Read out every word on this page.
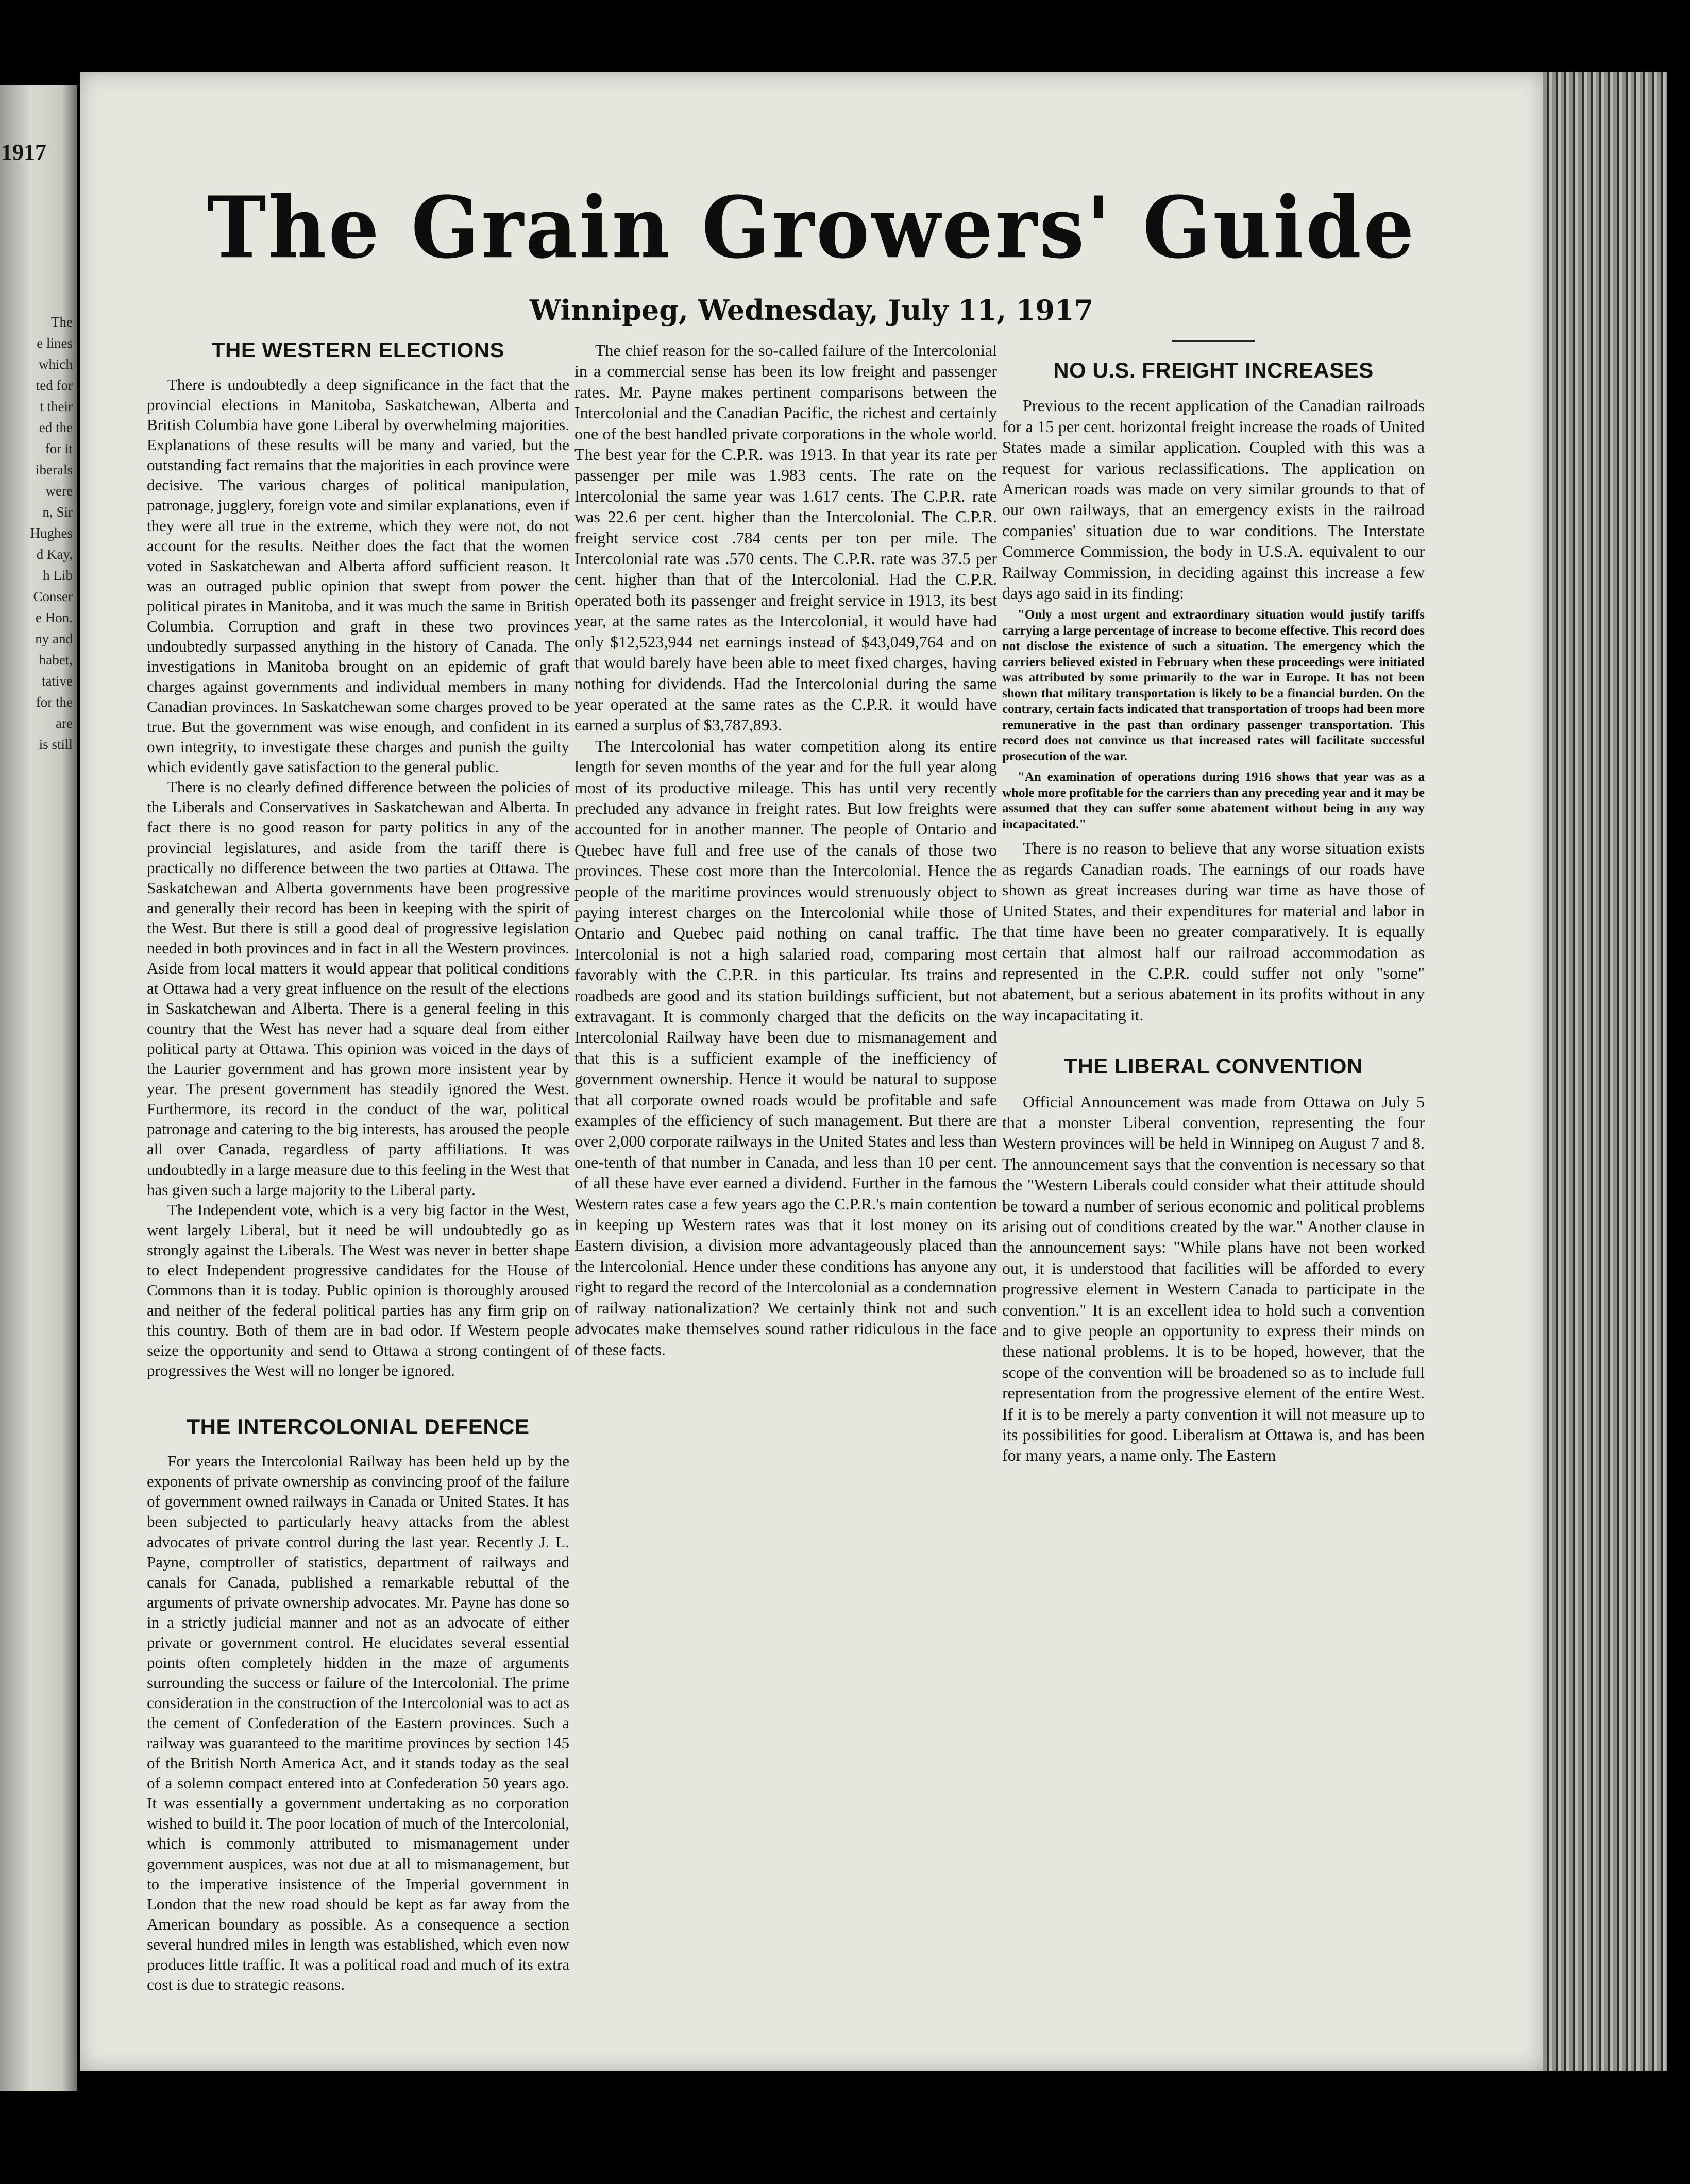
1917
The
e lines
which
ted for
t their
ed the
for it
iberals
were
n, Sir
Hughes
d Kay,
h Lib
Conser
e Hon.
ny and
habet,
tative
for the
are
is still
The Grain Growers' Guide
Winnipeg, Wednesday, July 11, 1917
THE WESTERN ELECTIONS

There is undoubtedly a deep significance in the fact that the provincial elections in Manitoba, Saskatchewan, Alberta and British Columbia have gone Liberal by overwhelming majorities. Explanations of these results will be many and varied, but the outstanding fact remains that the majorities in each province were decisive. The various charges of political manipulation, patronage, jugglery, foreign vote and similar explanations, even if they were all true in the extreme, which they were not, do not account for the results. Neither does the fact that the women voted in Saskatchewan and Alberta afford sufficient reason. It was an outraged public opinion that swept from power the political pirates in Manitoba, and it was much the same in British Columbia. Corruption and graft in these two provinces undoubtedly surpassed anything in the history of Canada. The investigations in Manitoba brought on an epidemic of graft charges against governments and individual members in many Canadian provinces. In Saskatchewan some charges proved to be true. But the government was wise enough, and confident in its own integrity, to investigate these charges and punish the guilty which evidently gave satisfaction to the general public.

There is no clearly defined difference between the policies of the Liberals and Conservatives in Saskatchewan and Alberta. In fact there is no good reason for party politics in any of the provincial legislatures, and aside from the tariff there is practically no difference between the two parties at Ottawa. The Saskatchewan and Alberta governments have been progressive and generally their record has been in keeping with the spirit of the West. But there is still a good deal of progressive legislation needed in both provinces and in fact in all the Western provinces. Aside from local matters it would appear that political conditions at Ottawa had a very great influence on the result of the elections in Saskatchewan and Alberta. There is a general feeling in this country that the West has never had a square deal from either political party at Ottawa. This opinion was voiced in the days of the Laurier government and has grown more insistent year by year. The present government has steadily ignored the West. Furthermore, its record in the conduct of the war, political patronage and catering to the big interests, has aroused the people all over Canada, regardless of party affiliations. It was undoubtedly in a large measure due to this feeling in the West that has given such a large majority to the Liberal party.

The Independent vote, which is a very big factor in the West, went largely Liberal, but it need be will undoubtedly go as strongly against the Liberals. The West was never in better shape to elect Independent progressive candidates for the House of Commons than it is today. Public opinion is thoroughly aroused and neither of the federal political parties has any firm grip on this country. Both of them are in bad odor. If Western people seize the opportunity and send to Ottawa a strong contingent of progressives the West will no longer be ignored.

THE INTERCOLONIAL DEFENCE

For years the Intercolonial Railway has been held up by the exponents of private ownership as convincing proof of the failure of government owned railways in Canada or United States. It has been subjected to particularly heavy attacks from the ablest advocates of private control during the last year. Recently J. L. Payne, comptroller of statistics, department of railways and canals for Canada, published a remarkable rebuttal of the arguments of private ownership advocates. Mr. Payne has done so in a strictly judicial manner and not as an advocate of either private or government control. He elucidates several essential points often completely hidden in the maze of arguments surrounding the success or failure of the Intercolonial. The prime consideration in the construction of the Intercolonial was to act as the cement of Confederation of the Eastern provinces. Such a railway was guaranteed to the maritime provinces by section 145 of the British North America Act, and it stands today as the seal of a solemn compact entered into at Confederation 50 years ago. It was essentially a government undertaking as no corporation wished to build it. The poor location of much of the Intercolonial, which is commonly attributed to mismanagement under government auspices, was not due at all to mismanagement, but to the imperative insistence of the Imperial government in London that the new road should be kept as far away from the American boundary as possible. As a consequence a section several hundred miles in length was established, which even now produces little traffic. It was a political road and much of its extra cost is due to strategic reasons.

The chief reason for the so-called failure of the Intercolonial in a commercial sense has been its low freight and passenger rates. Mr. Payne makes pertinent comparisons between the Intercolonial and the Canadian Pacific, the richest and certainly one of the best handled private corporations in the whole world. The best year for the C.P.R. was 1913. In that year its rate per passenger per mile was 1.983 cents. The rate on the Intercolonial the same year was 1.617 cents. The C.P.R. rate was 22.6 per cent. higher than the Intercolonial. The C.P.R. freight service cost .784 cents per ton per mile. The Intercolonial rate was .570 cents. The C.P.R. rate was 37.5 per cent. higher than that of the Intercolonial. Had the C.P.R. operated both its passenger and freight service in 1913, its best year, at the same rates as the Intercolonial, it would have had only $12,523,944 net earnings instead of $43,049,764 and on that would barely have been able to meet fixed charges, having nothing for dividends. Had the Intercolonial during the same year operated at the same rates as the C.P.R. it would have earned a surplus of $3,787,893.

The Intercolonial has water competition along its entire length for seven months of the year and for the full year along most of its productive mileage. This has until very recently precluded any advance in freight rates. But low freights were accounted for in another manner. The people of Ontario and Quebec have full and free use of the canals of those two provinces. These cost more than the Intercolonial. Hence the people of the maritime provinces would strenuously object to paying interest charges on the Intercolonial while those of Ontario and Quebec paid nothing on canal traffic. The Intercolonial is not a high salaried road, comparing most favorably with the C.P.R. in this particular. Its trains and roadbeds are good and its station buildings sufficient, but not extravagant. It is commonly charged that the deficits on the Intercolonial Railway have been due to mismanagement and that this is a sufficient example of the inefficiency of government ownership. Hence it would be natural to suppose that all corporate owned roads would be profitable and safe examples of the efficiency of such management. But there are over 2,000 corporate railways in the United States and less than one-tenth of that number in Canada, and less than 10 per cent. of all these have ever earned a dividend. Further in the famous Western rates case a few years ago the C.P.R.'s main contention in keeping up Western rates was that it lost money on its Eastern division, a division more advantageously placed than the Intercolonial. Hence under these conditions has anyone any right to regard the record of the Intercolonial as a condemnation of railway nationalization? We certainly think not and such advocates make themselves sound rather ridiculous in the face of these facts.

NO U.S. FREIGHT INCREASES

Previous to the recent application of the Canadian railroads for a 15 per cent. horizontal freight increase the roads of United States made a similar application. Coupled with this was a request for various reclassifications. The application on American roads was made on very similar grounds to that of our own railways, that an emergency exists in the railroad companies' situation due to war conditions. The Interstate Commerce Commission, the body in U.S.A. equivalent to our Railway Commission, in deciding against this increase a few days ago said in its finding:

"Only a most urgent and extraordinary situation would justify tariffs carrying a large percentage of increase to become effective. This record does not disclose the existence of such a situation. The emergency which the carriers believed existed in February when these proceedings were initiated was attributed by some primarily to the war in Europe. It has not been shown that military transportation is likely to be a financial burden. On the contrary, certain facts indicated that transportation of troops had been more remunerative in the past than ordinary passenger transportation. This record does not convince us that increased rates will facilitate successful prosecution of the war.

"An examination of operations during 1916 shows that year was as a whole more profitable for the carriers than any preceding year and it may be assumed that they can suffer some abatement without being in any way incapacitated."

There is no reason to believe that any worse situation exists as regards Canadian roads. The earnings of our roads have shown as great increases during war time as have those of United States, and their expenditures for material and labor in that time have been no greater comparatively. It is equally certain that almost half our railroad accommodation as represented in the C.P.R. could suffer not only "some" abatement, but a serious abatement in its profits without in any way incapacitating it.

THE LIBERAL CONVENTION

Official Announcement was made from Ottawa on July 5 that a monster Liberal convention, representing the four Western provinces will be held in Winnipeg on August 7 and 8. The announcement says that the convention is necessary so that the "Western Liberals could consider what their attitude should be toward a number of serious economic and political problems arising out of conditions created by the war." Another clause in the announcement says: "While plans have not been worked out, it is understood that facilities will be afforded to every progressive element in Western Canada to participate in the convention." It is an excellent idea to hold such a convention and to give people an opportunity to express their minds on these national problems. It is to be hoped, however, that the scope of the convention will be broadened so as to include full representation from the progressive element of the entire West. If it is to be merely a party convention it will not measure up to its possibilities for good. Liberalism at Ottawa is, and has been for many years, a name only. The Eastern
